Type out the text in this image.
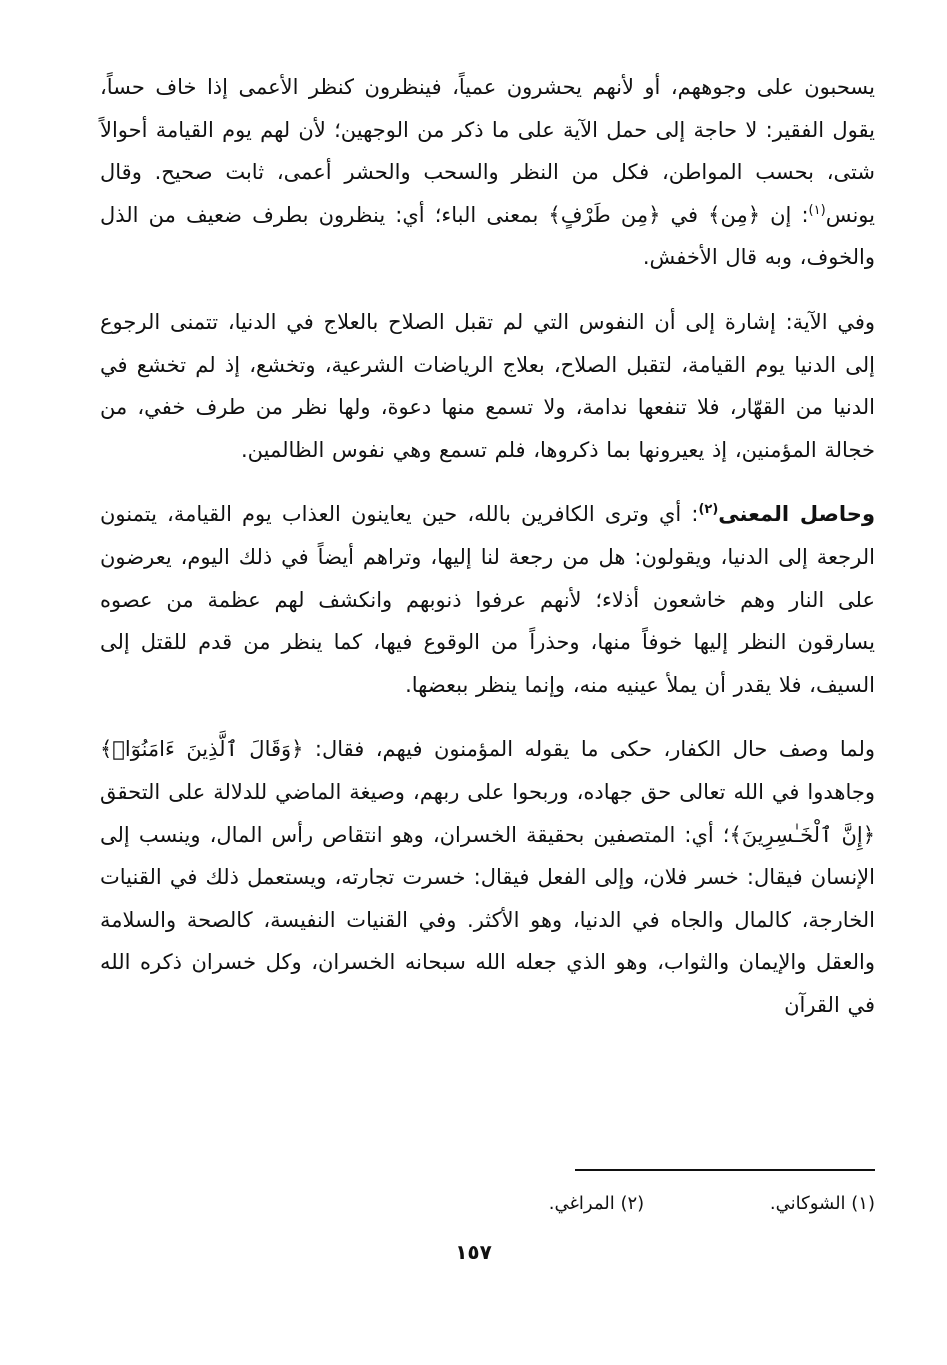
يسحبون على وجوههم، أو لأنهم يحشرون عمياً، فينظرون كنظر الأعمى إذا خاف حساً، يقول الفقير: لا حاجة إلى حمل الآية على ما ذكر من الوجهين؛ لأن لهم يوم القيامة أحوالاً شتى، بحسب المواطن، فكل من النظر والسحب والحشر أعمى، ثابت صحيح. وقال يونس$^{(١)}$: إن ﴿مِن﴾ في ﴿مِن طَرْفٍ﴾ بمعنى الباء؛ أي: ينظرون بطرف ضعيف من الذل والخوف، وبه قال الأخفش.

وفي الآية: إشارة إلى أن النفوس التي لم تقبل الصلاح بالعلاج في الدنيا، تتمنى الرجوع إلى الدنيا يوم القيامة، لتقبل الصلاح، بعلاج الرياضات الشرعية، وتخشع، إذ لم تخشع في الدنيا من القهّار، فلا تنفعها ندامة، ولا تسمع منها دعوة، ولها نظر من طرف خفي، من خجالة المؤمنين، إذ يعيرونها بما ذكروها، فلم تسمع وهي نفوس الظالمين.

وحاصل المعنى$^{(٢)}$: أي وترى الكافرين بالله، حين يعاينون العذاب يوم القيامة، يتمنون الرجعة إلى الدنيا، ويقولون: هل من رجعة لنا إليها، وتراهم أيضاً في ذلك اليوم، يعرضون على النار وهم خاشعون أذلاء؛ لأنهم عرفوا ذنوبهم وانكشف لهم عظمة من عصوه يسارقون النظر إليها خوفاً منها، وحذراً من الوقوع فيها، كما ينظر من قدم للقتل إلى السيف، فلا يقدر أن يملأ عينيه منه، وإنما ينظر ببعضها.

ولما وصف حال الكفار، حكى ما يقوله المؤمنون فيهم، فقال: ﴿وَقَالَ ٱلَّذِينَ ءَامَنُوٓا۟﴾ وجاهدوا في الله تعالى حق جهاده، وربحوا على ربهم، وصيغة الماضي للدلالة على التحقق ﴿إِنَّ ٱلْخَـٰسِرِينَ﴾؛ أي: المتصفين بحقيقة الخسران، وهو انتقاص رأس المال، وينسب إلى الإنسان فيقال: خسر فلان، وإلى الفعل فيقال: خسرت تجارته، ويستعمل ذلك في القنيات الخارجة، كالمال والجاه في الدنيا، وهو الأكثر. وفي القنيات النفيسة، كالصحة والسلامة والعقل والإيمان والثواب، وهو الذي جعله الله سبحانه الخسران، وكل خسران ذكره الله في القرآن

(١) الشوكاني. (٢) المراغي.
١٥٧
